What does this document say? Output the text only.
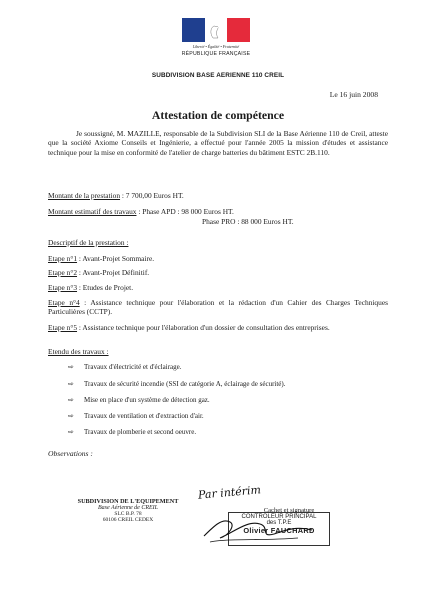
Liberté • Égalité • Fraternité
RÉPUBLIQUE FRANÇAISE
SUBDIVISION BASE AERIENNE 110 CREIL
Le 16 juin 2008
Attestation de compétence
Je soussigné, M. MAZILLE, responsable de la Subdivision SLI de la Base Aérienne 110 de Creil, atteste que la société Axiome Conseils et Ingénierie, a effectué pour l'année 2005 la mission d'études et assistance technique pour la mise en conformité de l'atelier de charge batteries du bâtiment ESTC 2B.110.
Montant de la prestation : 7 700,00 Euros HT.
Montant estimatif des travaux : Phase APD : 98 000 Euros HT.
Phase PRO : 88 000 Euros HT.
Descriptif de la prestation :
Etape n°1 : Avant-Projet Sommaire.
Etape n°2 : Avant-Projet Définitif.
Etape n°3 : Etudes de Projet.
Etape n°4 : Assistance technique pour l'élaboration et la rédaction d'un Cahier des Charges Techniques Particulières (CCTP).
Etape n°5 : Assistance technique pour l'élaboration d'un dossier de consultation des entreprises.
Etendu des travaux :
⇨	Travaux d'électricité et d'éclairage.
⇨	Travaux de sécurité incendie (SSI de catégorie A, éclairage de sécurité).
⇨	Mise en place d'un système de détection gaz.
⇨	Travaux de ventilation et d'extraction d'air.
⇨	Travaux de plomberie et second oeuvre.
Observations :
SUBDIVISION DE L'EQUIPEMENT
Base Aérienne de CREIL
SLC B.P. 78
60106 CREIL CEDEX
Par intérim
Cachet et signature
CONTROLEUR PRINCIPAL
des T.P.E
Olivier FAUCHARD
